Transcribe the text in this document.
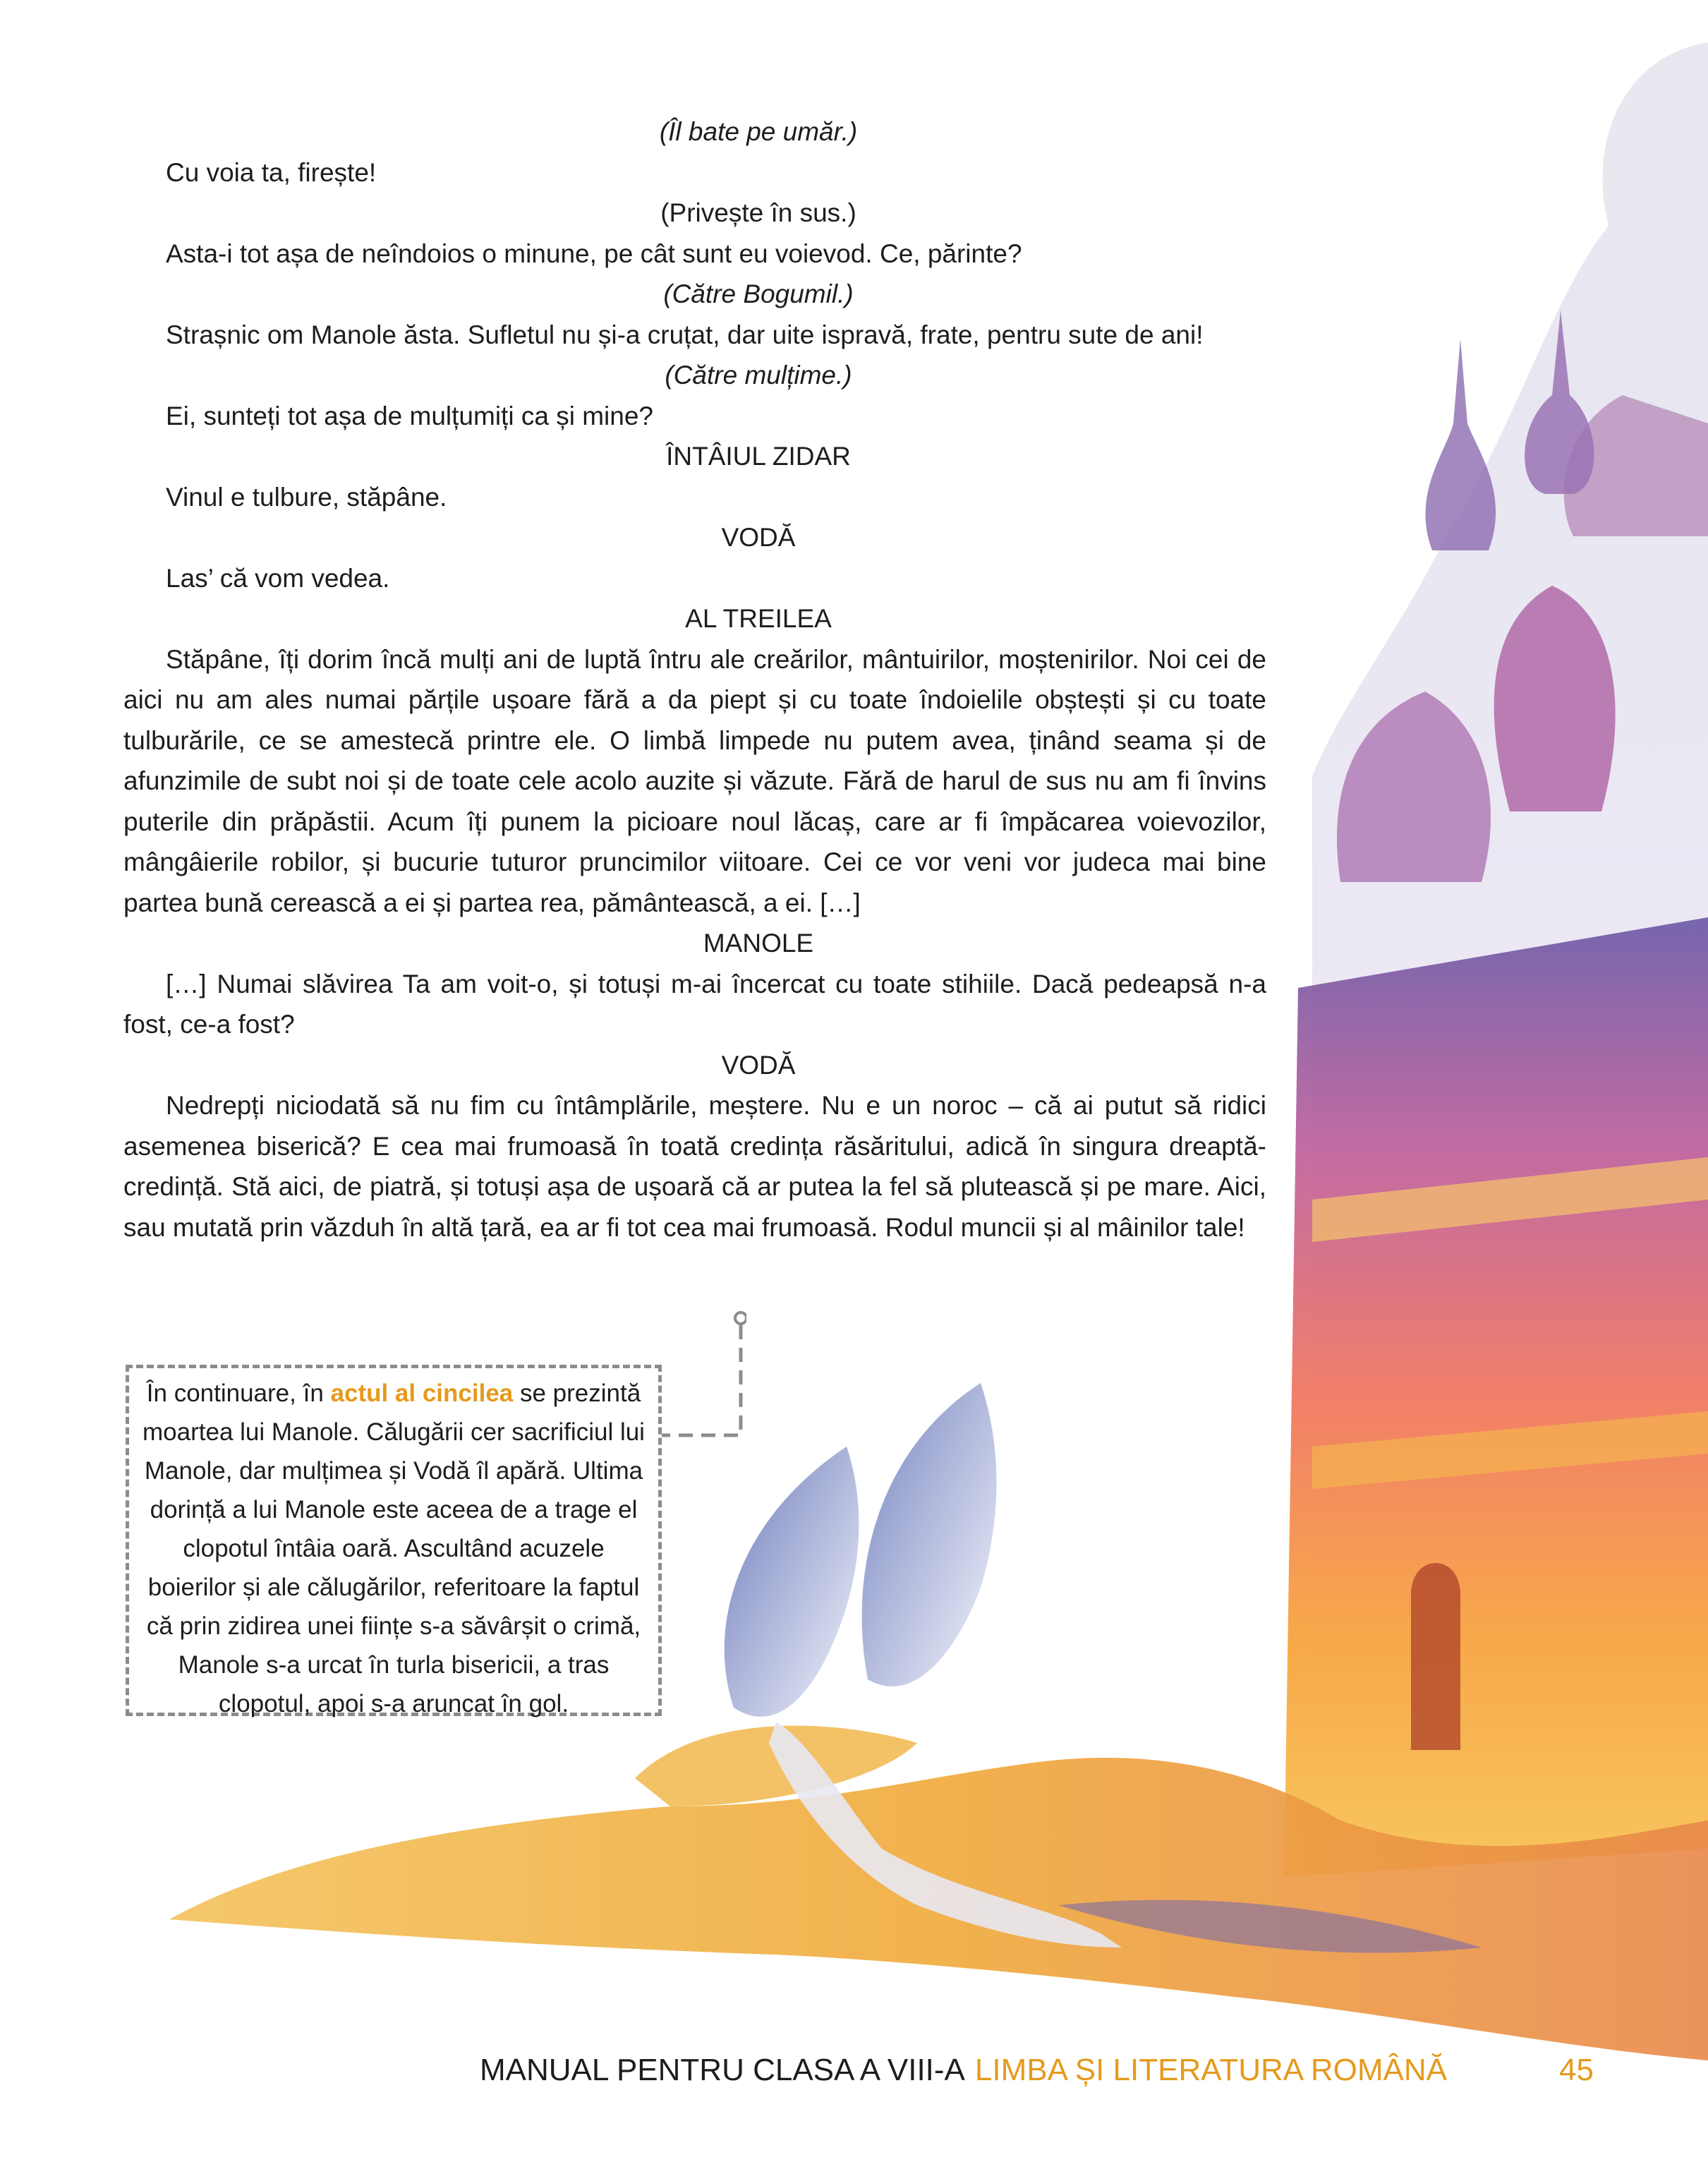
(Îl bate pe umăr.)

Cu voia ta, firește!

(Privește în sus.)

Asta-i tot așa de neîndoios o minune, pe cât sunt eu voievod. Ce, părinte?

(Către Bogumil.)

Strașnic om Manole ăsta. Sufletul nu și-a cruțat, dar uite ispravă, frate, pentru sute de ani!

(Către mulțime.)

Ei, sunteți tot așa de mulțumiți ca și mine?

ÎNTÂIUL ZIDAR

Vinul e tulbure, stăpâne.

VODĂ

Las’ că vom vedea.

AL TREILEA

Stăpâne, îți dorim încă mulți ani de luptă întru ale creărilor, mântuirilor, moștenirilor. Noi cei de aici nu am ales numai părțile ușoare fără a da piept și cu toate îndoielile obștești și cu toate tulburările, ce se amestecă printre ele. O limbă limpede nu putem avea, ținând seama și de afunzimile de subt noi și de toate cele acolo auzite și văzute. Fără de harul de sus nu am fi învins puterile din prăpăstii. Acum îți punem la picioare noul lăcaș, care ar fi împăcarea voievozilor, mângâierile robilor, și bucurie tuturor pruncimilor viitoare. Cei ce vor veni vor judeca mai bine partea bună cerească a ei și partea rea, pământească, a ei. […]

MANOLE

[…] Numai slăvirea Ta am voit-o, și totuși m-ai încercat cu toate stihiile. Dacă pedeapsă n-a fost, ce-a fost?

VODĂ

Nedrepți niciodată să nu fim cu întâmplările, meștere. Nu e un noroc – că ai putut să ridici asemenea biserică? E cea mai frumoasă în toată credința răsăritului, adică în singura dreaptă-credință. Stă aici, de piatră, și totuși așa de ușoară că ar putea la fel să plutească și pe mare. Aici, sau mutată prin văzduh în altă țară, ea ar fi tot cea mai frumoasă. Rodul muncii și al mâinilor tale!

În continuare, în actul al cincilea se prezintă moartea lui Manole. Călugării cer sacrificiul lui Manole, dar mulțimea și Vodă îl apără. Ultima dorință a lui Manole este aceea de a trage el clopotul întâia oară. Ascultând acuzele boierilor și ale călugărilor, referitoare la faptul că prin zidirea unei ființe s-a săvârșit o crimă, Manole s-a urcat în turla bisericii, a tras clopotul, apoi s-a aruncat în gol.
MANUAL PENTRU CLASA A VIII-A LIMBA ȘI LITERATURA ROMÂNĂ	45
